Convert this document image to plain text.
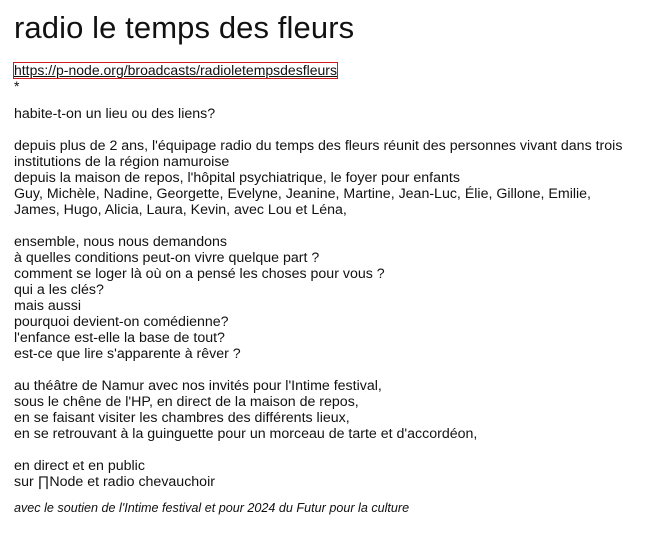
radio le temps des fleurs
https://p-node.org/broadcasts/radioletempsdesfleurs
*

habite-t-on un lieu ou des liens?

depuis plus de 2 ans, l'équipage radio du temps des fleurs réunit des personnes vivant dans trois
institutions de la région namuroise
depuis la maison de repos, l'hôpital psychiatrique, le foyer pour enfants
Guy, Michèle, Nadine, Georgette, Evelyne, Jeanine, Martine, Jean-Luc, Élie, Gillone, Emilie,
James, Hugo, Alicia, Laura, Kevin, avec Lou et Léna,
ensemble, nous nous demandons
à quelles conditions peut-on vivre quelque part ?
comment se loger là où on a pensé les choses pour vous ?
qui a les clés?
mais aussi
pourquoi devient-on comédienne?
l'enfance est-elle la base de tout?
est-ce que lire s'apparente à rêver ?
au théâtre de Namur avec nos invités pour l'Intime festival,
sous le chêne de l'HP, en direct de la maison de repos,
en se faisant visiter les chambres des différents lieux,
en se retrouvant à la guinguette pour un morceau de tarte et d'accordéon,
en direct et en public
sur ∏Node et radio chevauchoir

avec le soutien de l'Intime festival et pour 2024 du Futur pour la culture
